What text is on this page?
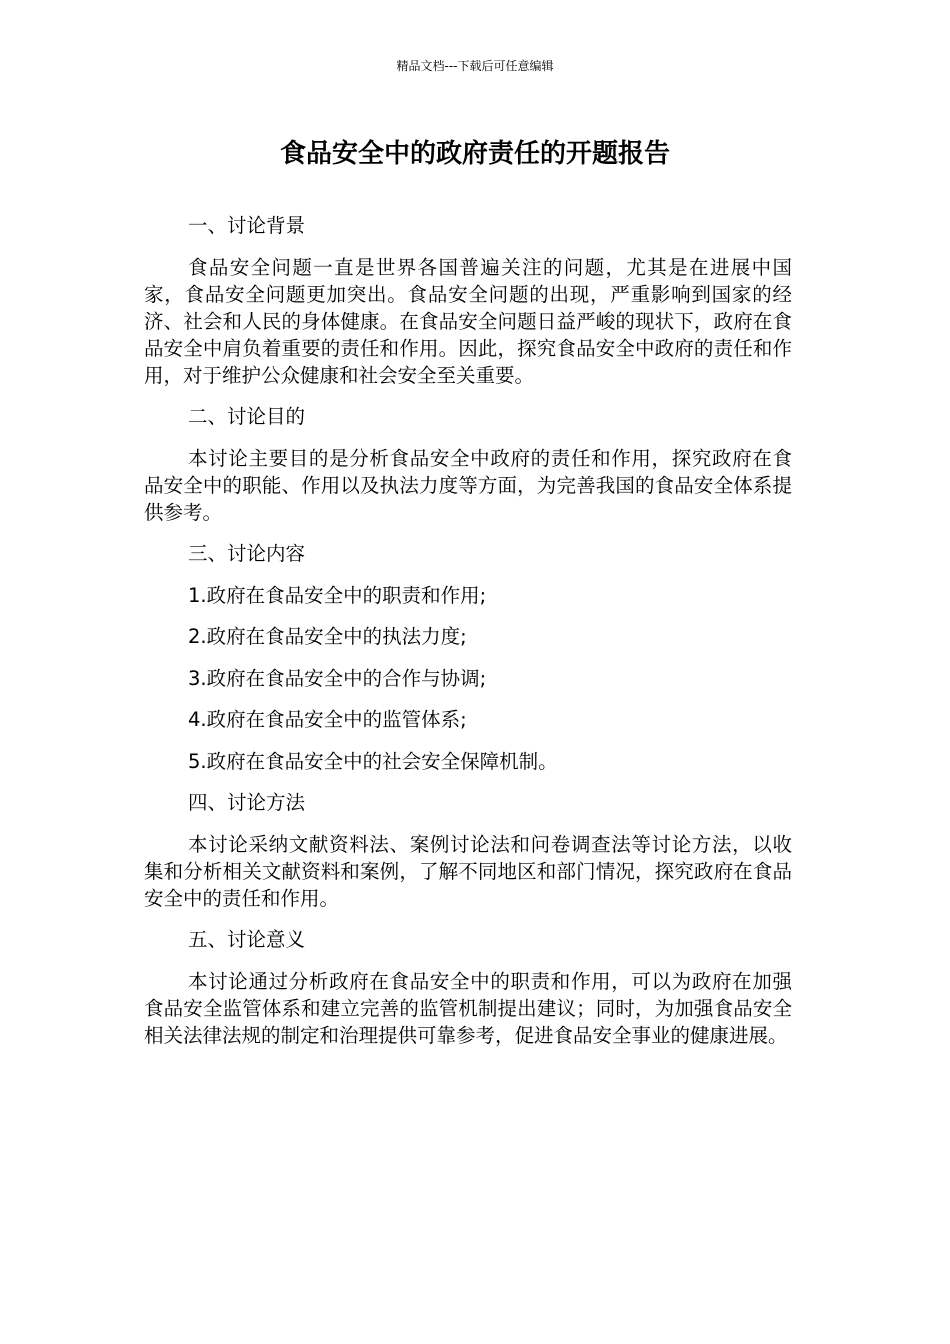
精品文档---下载后可任意编辑
食品安全中的政府责任的开题报告

一、讨论背景

食品安全问题一直是世界各国普遍关注的问题，尤其是在进展中国家，食品安全问题更加突出。食品安全问题的出现，严重影响到国家的经济、社会和人民的身体健康。在食品安全问题日益严峻的现状下，政府在食品安全中肩负着重要的责任和作用。因此，探究食品安全中政府的责任和作用，对于维护公众健康和社会安全至关重要。

二、讨论目的

本讨论主要目的是分析食品安全中政府的责任和作用，探究政府在食品安全中的职能、作用以及执法力度等方面，为完善我国的食品安全体系提供参考。

三、讨论内容

1.政府在食品安全中的职责和作用;

2.政府在食品安全中的执法力度;

3.政府在食品安全中的合作与协调;

4.政府在食品安全中的监管体系;

5.政府在食品安全中的社会安全保障机制。

四、讨论方法

本讨论采纳文献资料法、案例讨论法和问卷调查法等讨论方法，以收集和分析相关文献资料和案例，了解不同地区和部门情况，探究政府在食品安全中的责任和作用。

五、讨论意义

本讨论通过分析政府在食品安全中的职责和作用，可以为政府在加强食品安全监管体系和建立完善的监管机制提出建议；同时，为加强食品安全相关法律法规的制定和治理提供可靠参考，促进食品安全事业的健康进展。
